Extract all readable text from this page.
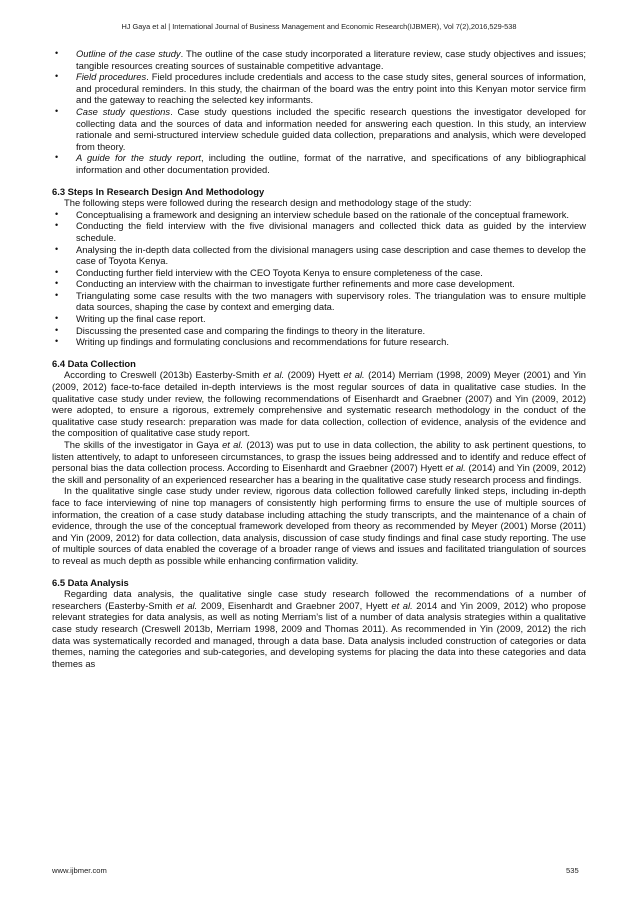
HJ Gaya et al | International Journal of Business Management and Economic Research(IJBMER), Vol 7(2),2016,529-538
• Outline of the case study. The outline of the case study incorporated a literature review, case study objectives and issues; tangible resources creating sources of sustainable competitive advantage.
• Field procedures. Field procedures include credentials and access to the case study sites, general sources of information, and procedural reminders. In this study, the chairman of the board was the entry point into this Kenyan motor service firm and the gateway to reaching the selected key informants.
• Case study questions. Case study questions included the specific research questions the investigator developed for collecting data and the sources of data and information needed for answering each question. In this study, an interview rationale and semi-structured interview schedule guided data collection, preparations and analysis, which were developed from theory.
• A guide for the study report, including the outline, format of the narrative, and specifications of any bibliographical information and other documentation provided.
6.3 Steps In Research Design And Methodology
The following steps were followed during the research design and methodology stage of the study:
• Conceptualising a framework and designing an interview schedule based on the rationale of the conceptual framework.
• Conducting the field interview with the five divisional managers and collected thick data as guided by the interview schedule.
• Analysing the in-depth data collected from the divisional managers using case description and case themes to develop the case of Toyota Kenya.
• Conducting further field interview with the CEO Toyota Kenya to ensure completeness of the case.
• Conducting an interview with the chairman to investigate further refinements and more case development.
• Triangulating some case results with the two managers with supervisory roles. The triangulation was to ensure multiple data sources, shaping the case by context and emerging data.
• Writing up the final case report.
• Discussing the presented case and comparing the findings to theory in the literature.
• Writing up findings and formulating conclusions and recommendations for future research.
6.4 Data Collection

According to Creswell (2013b) Easterby-Smith et al. (2009) Hyett et al. (2014) Merriam (1998, 2009) Meyer (2001) and Yin (2009, 2012) face-to-face detailed in-depth interviews is the most regular sources of data in qualitative case studies. In the qualitative case study under review, the following recommendations of Eisenhardt and Graebner (2007) and Yin (2009, 2012) were adopted, to ensure a rigorous, extremely comprehensive and systematic research methodology in the conduct of the qualitative case study research: preparation was made for data collection, collection of evidence, analysis of the evidence and the composition of qualitative case study report.

The skills of the investigator in Gaya et al. (2013) was put to use in data collection, the ability to ask pertinent questions, to listen attentively, to adapt to unforeseen circumstances, to grasp the issues being addressed and to identify and reduce effect of personal bias the data collection process. According to Eisenhardt and Graebner (2007) Hyett et al. (2014) and Yin (2009, 2012) the skill and personality of an experienced researcher has a bearing in the qualitative case study research process and findings.

In the qualitative single case study under review, rigorous data collection followed carefully linked steps, including in-depth face to face interviewing of nine top managers of consistently high performing firms to ensure the use of multiple sources of information, the creation of a case study database including attaching the study transcripts, and the maintenance of a chain of evidence, through the use of the conceptual framework developed from theory as recommended by Meyer (2001) Morse (2011) and Yin (2009, 2012) for data collection, data analysis, discussion of case study findings and final case study reporting. The use of multiple sources of data enabled the coverage of a broader range of views and issues and facilitated triangulation of sources to reveal as much depth as possible while enhancing confirmation validity.

6.5 Data Analysis

Regarding data analysis, the qualitative single case study research followed the recommendations of a number of researchers (Easterby-Smith et al. 2009, Eisenhardt and Graebner 2007, Hyett et al. 2014 and Yin 2009, 2012) who propose relevant strategies for data analysis, as well as noting Merriam’s list of a number of data analysis strategies within a qualitative case study research (Creswell 2013b, Merriam 1998, 2009 and Thomas 2011). As recommended in Yin (2009, 2012) the rich data was systematically recorded and managed, through a data base. Data analysis included construction of categories or data themes, naming the categories and sub-categories, and developing systems for placing the data into these categories and data themes as

www.ijbmer.com	535
